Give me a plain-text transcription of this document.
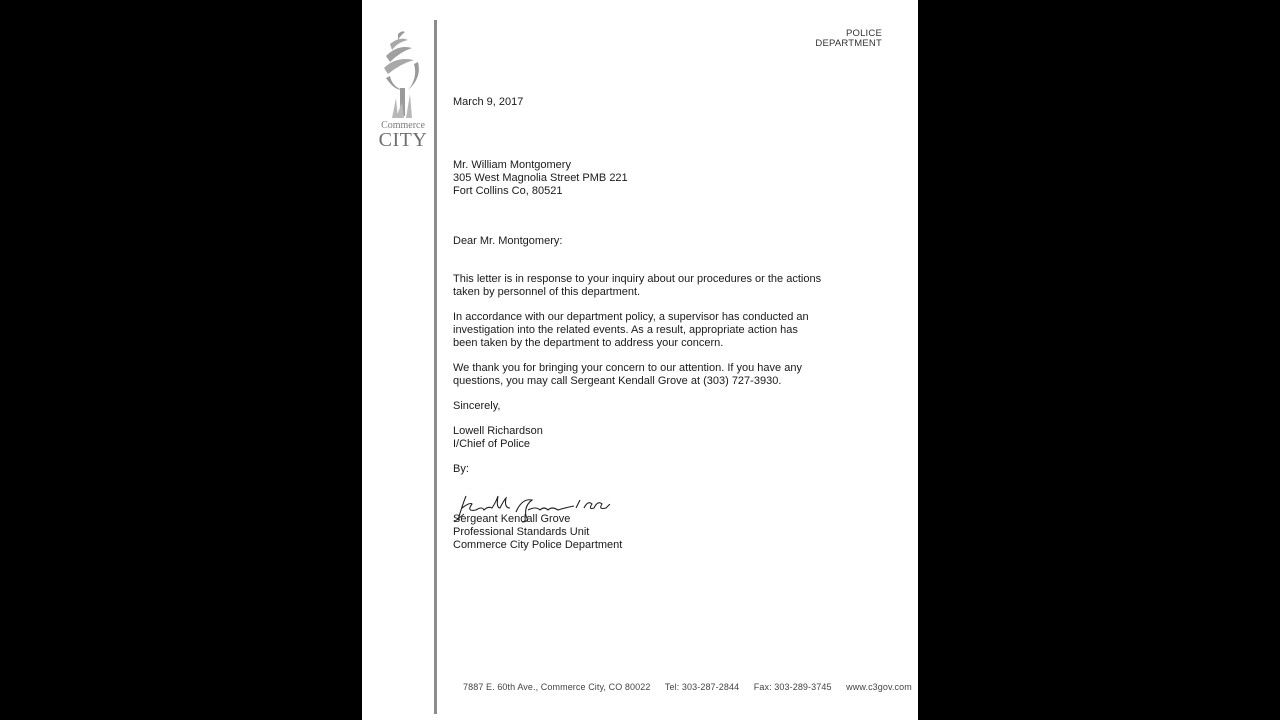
Commerce
CITY
POLICE
DEPARTMENT
March 9, 2017
Mr. William Montgomery
305 West Magnolia Street PMB 221
Fort Collins Co, 80521
Dear Mr. Montgomery:
This letter is in response to your inquiry about our procedures or the actions
taken by personnel of this department.
In accordance with our department policy, a supervisor has conducted an
investigation into the related events. As a result, appropriate action has
been taken by the department to address your concern.
We thank you for bringing your concern to our attention. If you have any
questions, you may call Sergeant Kendall Grove at (303) 727-3930.
Sincerely,
Lowell Richardson
I/Chief of Police
By:
Sergeant Kendall Grove
Professional Standards Unit
Commerce City Police Department
7887 E. 60th Ave., Commerce City, CO 80022 Tel: 303-287-2844 Fax: 303-289-3745 www.c3gov.com
